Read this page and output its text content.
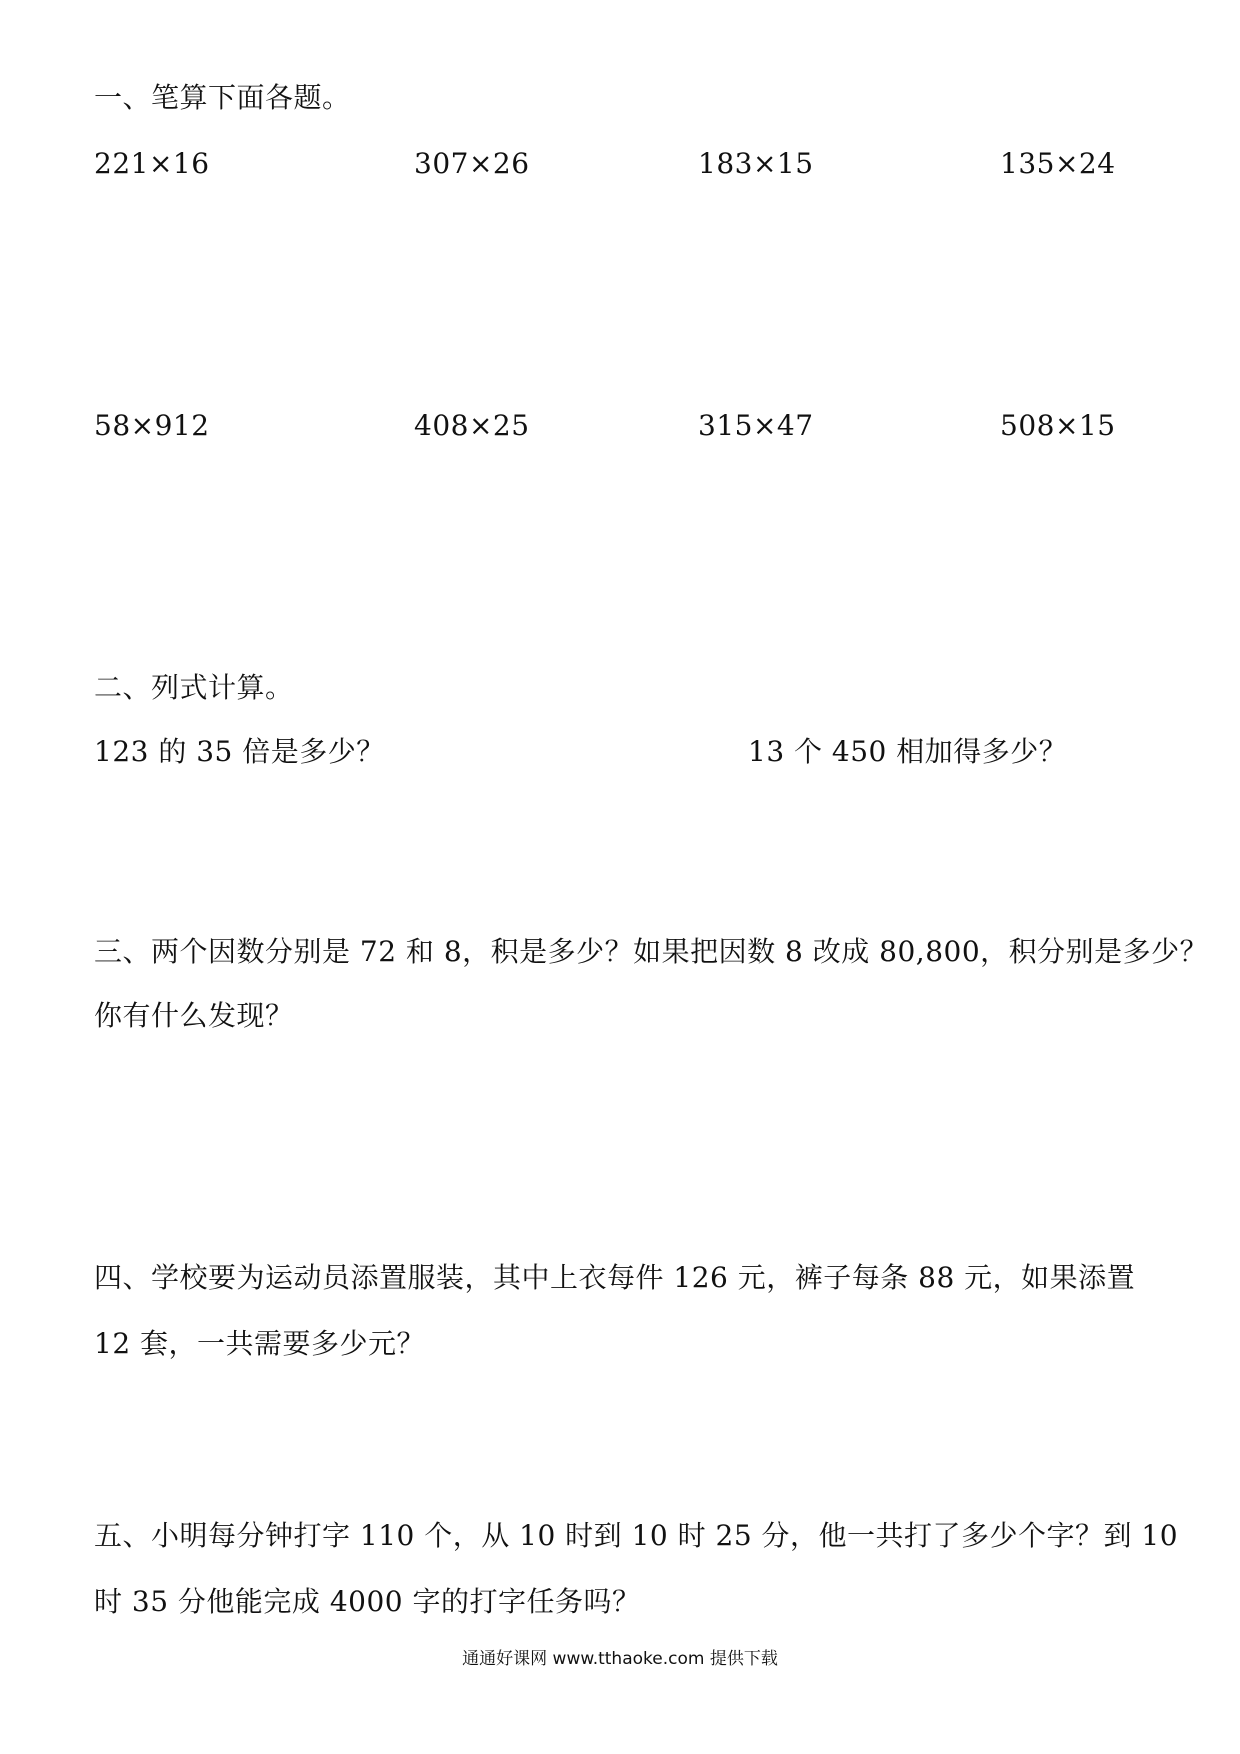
一、笔算下面各题。
221×16	307×26	183×15	135×24
58×912	408×25	315×47	508×15
二、列式计算。
123 的 35 倍是多少？	13 个 450 相加得多少？
三、两个因数分别是 72 和 8，积是多少？如果把因数 8 改成 80,800，积分别是多少？
你有什么发现？
四、学校要为运动员添置服装，其中上衣每件 126 元，裤子每条 88 元，如果添置
12 套，一共需要多少元？
五、小明每分钟打字 110 个，从 10 时到 10 时 25 分，他一共打了多少个字？到 10
时 35 分他能完成 4000 字的打字任务吗？
通通好课网 www.tthaoke.com 提供下载
